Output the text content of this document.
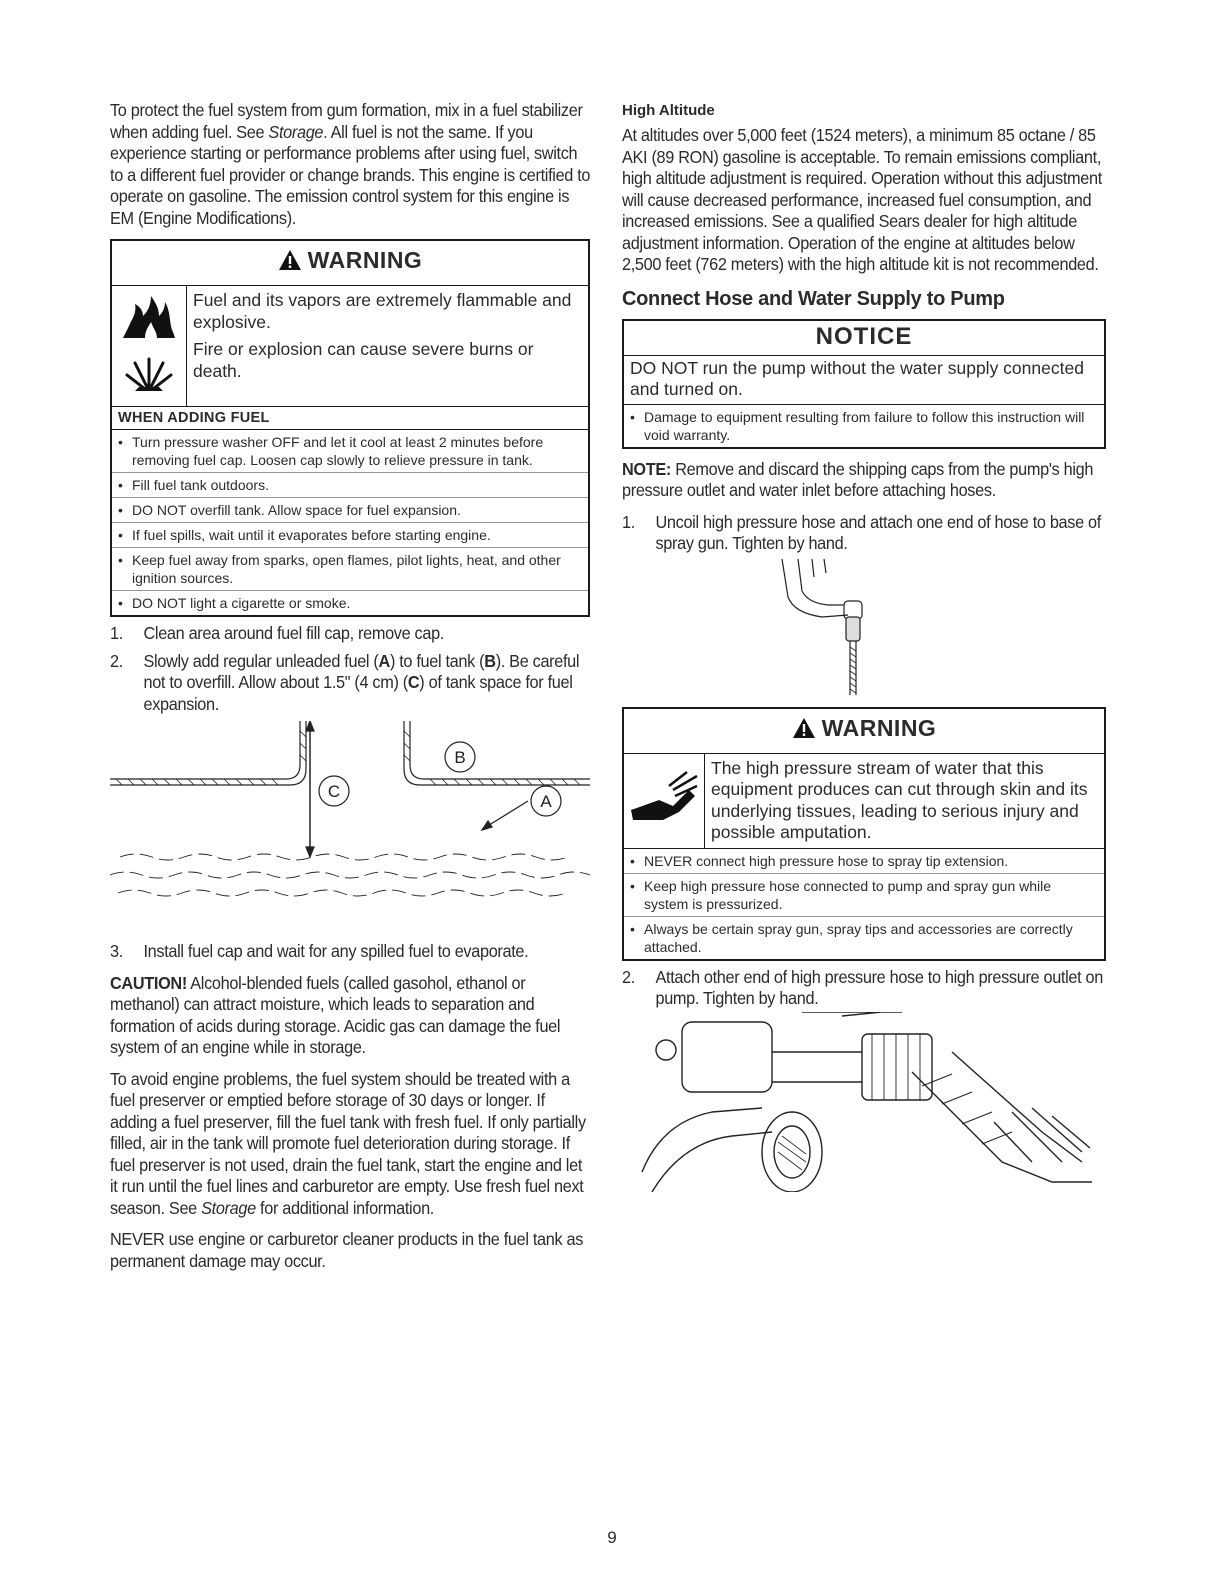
To protect the fuel system from gum formation, mix in a fuel stabilizer when adding fuel. See Storage. All fuel is not the same. If you experience starting or performance problems after using fuel, switch to a different fuel provider or change brands. This engine is certified to operate on gasoline. The emission control system for this engine is EM (Engine Modifications).
WARNING

Fuel and its vapors are extremely flammable and explosive.

Fire or explosion can cause severe burns or death.

WHEN ADDING FUEL
• Turn pressure washer OFF and let it cool at least 2 minutes before removing fuel cap. Loosen cap slowly to relieve pressure in tank.
• Fill fuel tank outdoors.
• DO NOT overfill tank. Allow space for fuel expansion.
• If fuel spills, wait until it evaporates before starting engine.
• Keep fuel away from sparks, open flames, pilot lights, heat, and other ignition sources.
• DO NOT light a cigarette or smoke.
1. Clean area around fuel fill cap, remove cap.
2. Slowly add regular unleaded fuel (A) to fuel tank (B). Be careful not to overfill. Allow about 1.5" (4 cm) (C) of tank space for fuel expansion.
C
B
A
3. Install fuel cap and wait for any spilled fuel to evaporate.
CAUTION! Alcohol-blended fuels (called gasohol, ethanol or methanol) can attract moisture, which leads to separation and formation of acids during storage. Acidic gas can damage the fuel system of an engine while in storage.
To avoid engine problems, the fuel system should be treated with a fuel preserver or emptied before storage of 30 days or longer. If adding a fuel preserver, fill the fuel tank with fresh fuel. If only partially filled, air in the tank will promote fuel deterioration during storage. If fuel preserver is not used, drain the fuel tank, start the engine and let it run until the fuel lines and carburetor are empty. Use fresh fuel next season. See Storage for additional information.
NEVER use engine or carburetor cleaner products in the fuel tank as permanent damage may occur.
High Altitude
At altitudes over 5,000 feet (1524 meters), a minimum 85 octane / 85 AKI (89 RON) gasoline is acceptable. To remain emissions compliant, high altitude adjustment is required. Operation without this adjustment will cause decreased performance, increased fuel consumption, and increased emissions. See a qualified Sears dealer for high altitude adjustment information. Operation of the engine at altitudes below 2,500 feet (762 meters) with the high altitude kit is not recommended.
Connect Hose and Water Supply to Pump
NOTICE
DO NOT run the pump without the water supply connected and turned on.
• Damage to equipment resulting from failure to follow this instruction will void warranty.
NOTE: Remove and discard the shipping caps from the pump's high pressure outlet and water inlet before attaching hoses.
1. Uncoil high pressure hose and attach one end of hose to base of spray gun. Tighten by hand.
WARNING
The high pressure stream of water that this equipment produces can cut through skin and its underlying tissues, leading to serious injury and possible amputation.
• NEVER connect high pressure hose to spray tip extension.
• Keep high pressure hose connected to pump and spray gun while system is pressurized.
• Always be certain spray gun, spray tips and accessories are correctly attached.
2. Attach other end of high pressure hose to high pressure outlet on pump. Tighten by hand.
9
